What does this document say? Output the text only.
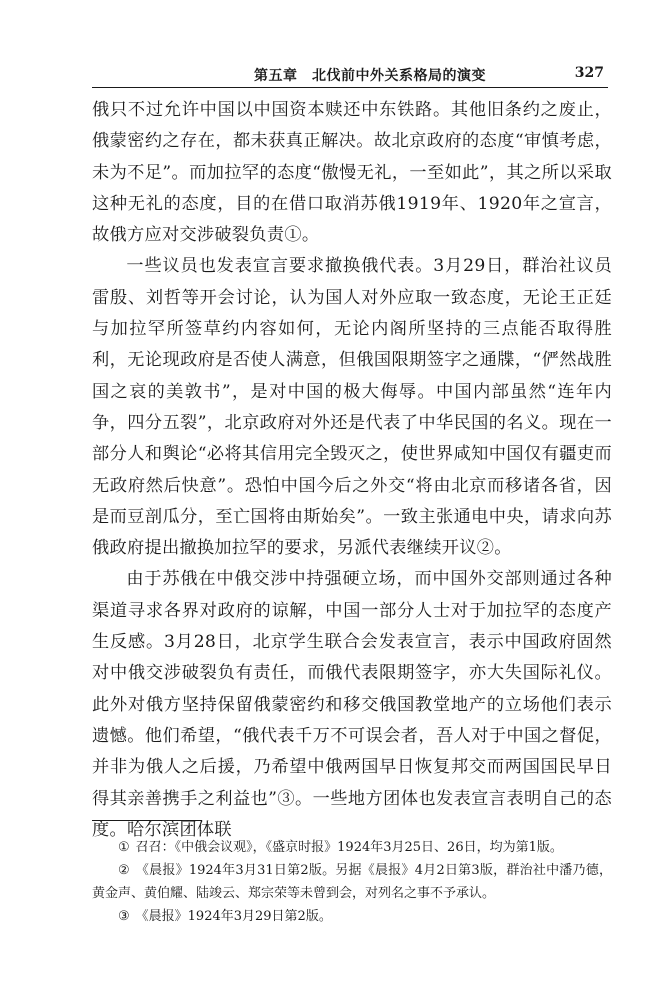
第五章　北伐前中外关系格局的演变	327

俄只不过允许中国以中国资本赎还中东铁路。其他旧条约之废止，俄蒙密约之存在，都未获真正解决。故北京政府的态度“审慎考虑，未为不足”。而加拉罕的态度“傲慢无礼，一至如此”，其之所以采取这种无礼的态度，目的在借口取消苏俄1919年、1920年之宣言，故俄方应对交涉破裂负责①。

一些议员也发表宣言要求撤换俄代表。3月29日，群治社议员雷殷、刘哲等开会讨论，认为国人对外应取一致态度，无论王正廷与加拉罕所签草约内容如何，无论内阁所坚持的三点能否取得胜利，无论现政府是否使人满意，但俄国限期签字之通牒，“俨然战胜国之哀的美敦书”，是对中国的极大侮辱。中国内部虽然“连年内争，四分五裂”，北京政府对外还是代表了中华民国的名义。现在一部分人和舆论“必将其信用完全毁灭之，使世界咸知中国仅有疆吏而无政府然后快意”。恐怕中国今后之外交“将由北京而移诸各省，因是而豆剖瓜分，至亡国将由斯始矣”。一致主张通电中央，请求向苏俄政府提出撤换加拉罕的要求，另派代表继续开议②。

由于苏俄在中俄交涉中持强硬立场，而中国外交部则通过各种渠道寻求各界对政府的谅解，中国一部分人士对于加拉罕的态度产生反感。3月28日，北京学生联合会发表宣言，表示中国政府固然对中俄交涉破裂负有责任，而俄代表限期签字，亦大失国际礼仪。此外对俄方坚持保留俄蒙密约和移交俄国教堂地产的立场他们表示遗憾。他们希望，“俄代表千万不可误会者，吾人对于中国之督促，并非为俄人之后援，乃希望中俄两国早日恢复邦交而两国国民早日得其亲善携手之利益也”③。一些地方团体也发表宣言表明自己的态度。哈尔滨团体联

① 召召：《中俄会议观》，《盛京时报》1924年3月25日、26日，均为第1版。

② 《晨报》1924年3月31日第2版。另据《晨报》4月2日第3版，群治社中潘乃德，黄金声、黄伯耀、陆竣云、郑宗荣等未曾到会，对列名之事不予承认。

③ 《晨报》1924年3月29日第2版。
